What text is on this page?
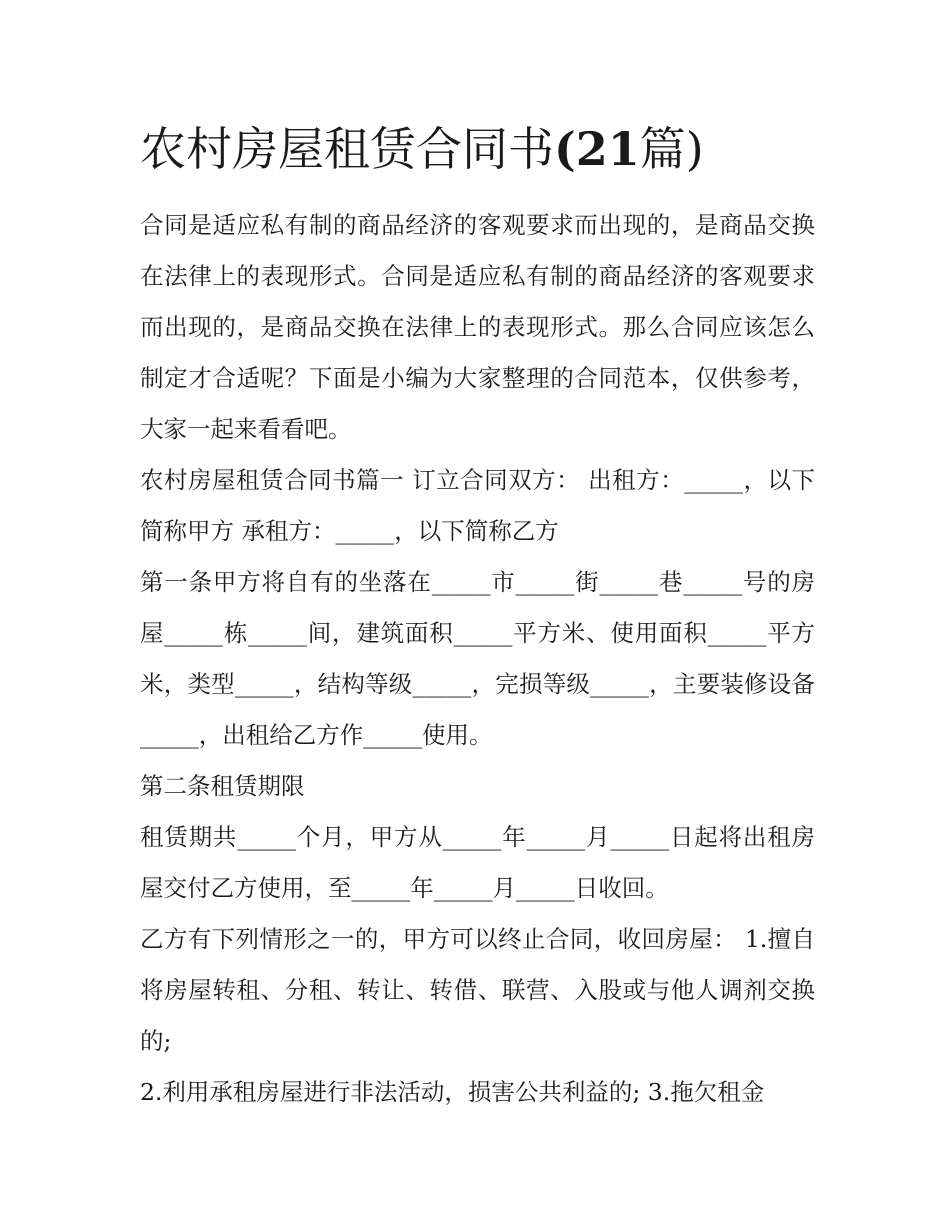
农村房屋租赁合同书(21篇)

合同是适应私有制的商品经济的客观要求而出现的，是商品交换在法律上的表现形式。合同是适应私有制的商品经济的客观要求而出现的，是商品交换在法律上的表现形式。那么合同应该怎么制定才合适呢？下面是小编为大家整理的合同范本，仅供参考，大家一起来看看吧。

农村房屋租赁合同书篇一 订立合同双方： 出租方：_____，以下简称甲方 承租方：_____，以下简称乙方

第一条甲方将自有的坐落在_____市_____街_____巷_____号的房屋_____栋_____间，建筑面积_____平方米、使用面积_____平方米，类型_____，结构等级_____，完损等级_____，主要装修设备_____，出租给乙方作_____使用。

第二条租赁期限

租赁期共_____个月，甲方从_____年_____月_____日起将出租房屋交付乙方使用，至_____年_____月_____日收回。

乙方有下列情形之一的，甲方可以终止合同，收回房屋： 1.擅自将房屋转租、分租、转让、转借、联营、入股或与他人调剂交换的;

2.利用承租房屋进行非法活动，损害公共利益的; 3.拖欠租金
